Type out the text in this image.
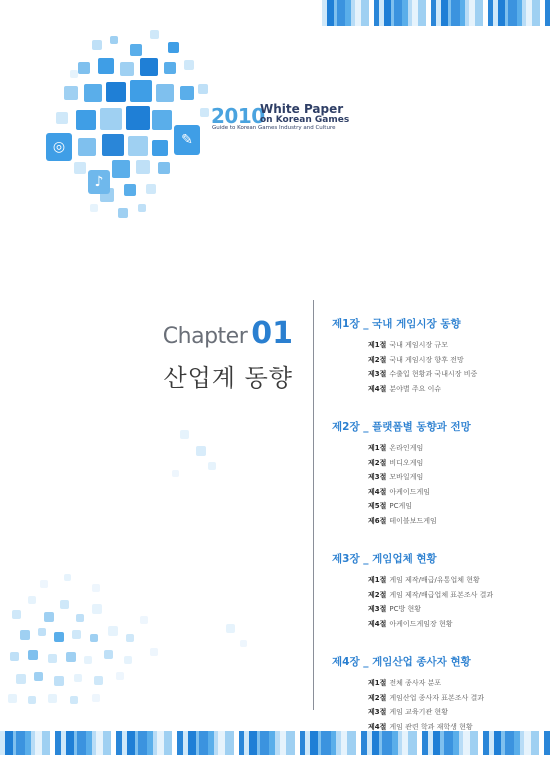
◎	✎
♪
2010
White Paper
on Korean Games
Guide to Korean Games Industry and Culture
Chapter 01
산업계 동향
제1장 _ 국내 게임시장 동향
제1절 국내 게임시장 규모
제2절 국내 게임시장 향후 전망
제3절 수출입 현황과 국내시장 비중
제4절 분야별 주요 이슈
제2장 _ 플랫폼별 동향과 전망
제1절 온라인게임
제2절 비디오게임
제3절 모바일게임
제4절 아케이드게임
제5절 PC게임
제6절 테이블보드게임
제3장 _ 게임업체 현황
제1절 게임 제작/배급/유통업체 현황
제2절 게임 제작/배급업체 표본조사 결과
제3절 PC방 현황
제4절 아케이드게임장 현황
제4장 _ 게임산업 종사자 현황
제1절 전체 종사자 분포
제2절 게임산업 종사자 표본조사 결과
제3절 게임 교육기관 현황
제4절 게임 관련 학과 재학생 현황
